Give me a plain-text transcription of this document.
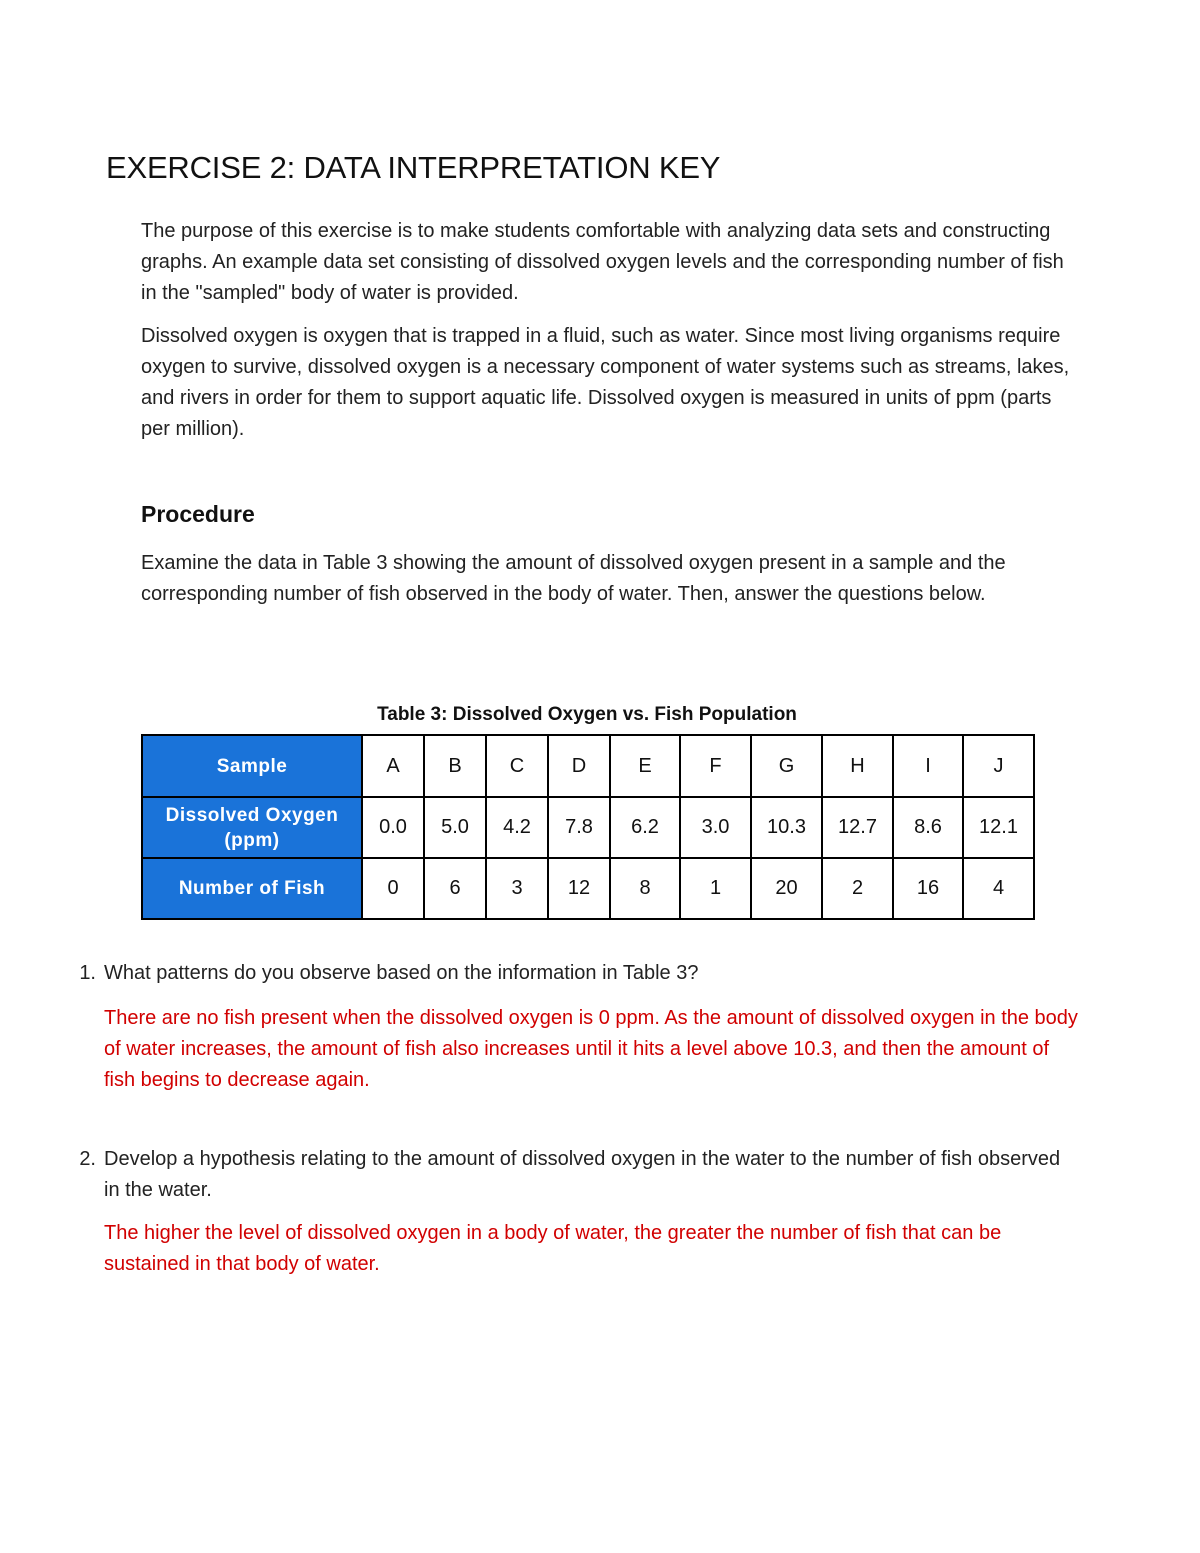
EXERCISE 2: DATA INTERPRETATION KEY

The purpose of this exercise is to make students comfortable with analyzing data sets and constructing graphs. An example data set consisting of dissolved oxygen levels and the corresponding number of fish in the "sampled" body of water is provided.

Dissolved oxygen is oxygen that is trapped in a fluid, such as water. Since most living organisms require oxygen to survive, dissolved oxygen is a necessary component of water systems such as streams, lakes, and rivers in order for them to support aquatic life. Dissolved oxygen is measured in units of ppm (parts per million).

Procedure

Examine the data in Table 3 showing the amount of dissolved oxygen present in a sample and the corresponding number of fish observed in the body of water. Then, answer the questions below.

Table 3: Dissolved Oxygen vs. Fish Population
Sample	A	B	C	D	E	F	G	H	I	J
Dissolved Oxygen (ppm)	0.0	5.0	4.2	7.8	6.2	3.0	10.3	12.7	8.6	12.1
Number of Fish	0	6	3	12	8	1	20	2	16	4
1. What patterns do you observe based on the information in Table 3?
There are no fish present when the dissolved oxygen is 0 ppm. As the amount of dissolved oxygen in the body of water increases, the amount of fish also increases until it hits a level above 10.3, and then the amount of fish begins to decrease again.
2. Develop a hypothesis relating to the amount of dissolved oxygen in the water to the number of fish observed in the water.
The higher the level of dissolved oxygen in a body of water, the greater the number of fish that can be sustained in that body of water.
